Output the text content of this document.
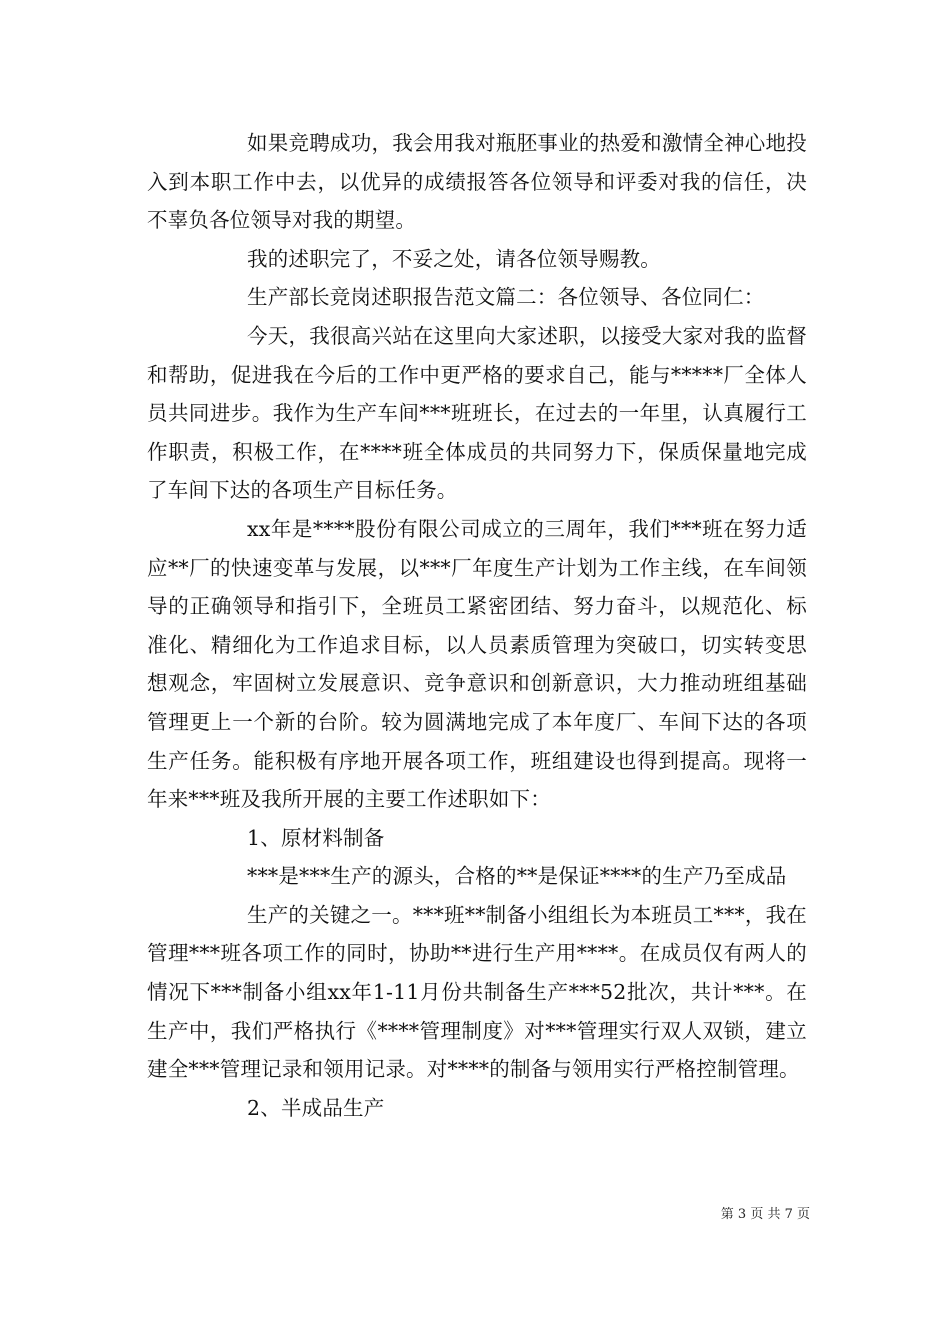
如果竞聘成功，我会用我对瓶胚事业的热爱和激情全神心地投入到本职工作中去，以优异的成绩报答各位领导和评委对我的信任，决不辜负各位领导对我的期望。

我的述职完了，不妥之处，请各位领导赐教。

生产部长竞岗述职报告范文篇二：各位领导、各位同仁：

今天，我很高兴站在这里向大家述职，以接受大家对我的监督和帮助，促进我在今后的工作中更严格的要求自己，能与*****厂全体人员共同进步。我作为生产车间***班班长，在过去的一年里，认真履行工作职责，积极工作，在****班全体成员的共同努力下，保质保量地完成了车间下达的各项生产目标任务。

xx年是****股份有限公司成立的三周年，我们***班在努力适应**厂的快速变革与发展，以***厂年度生产计划为工作主线，在车间领导的正确领导和指引下，全班员工紧密团结、努力奋斗，以规范化、标准化、精细化为工作追求目标，以人员素质管理为突破口，切实转变思想观念，牢固树立发展意识、竞争意识和创新意识，大力推动班组基础管理更上一个新的台阶。较为圆满地完成了本年度厂、车间下达的各项生产任务。能积极有序地开展各项工作，班组建设也得到提高。现将一年来***班及我所开展的主要工作述职如下：

1、原材料制备

***是***生产的源头，合格的**是保证****的生产乃至成品

生产的关键之一。***班**制备小组组长为本班员工***，我在管理***班各项工作的同时，协助**进行生产用****。在成员仅有两人的情况下***制备小组xx年1-11月份共制备生产***52批次，共计***。在生产中，我们严格执行《****管理制度》对***管理实行双人双锁，建立建全***管理记录和领用记录。对****的制备与领用实行严格控制管理。

2、半成品生产

第 3 页 共 7 页
